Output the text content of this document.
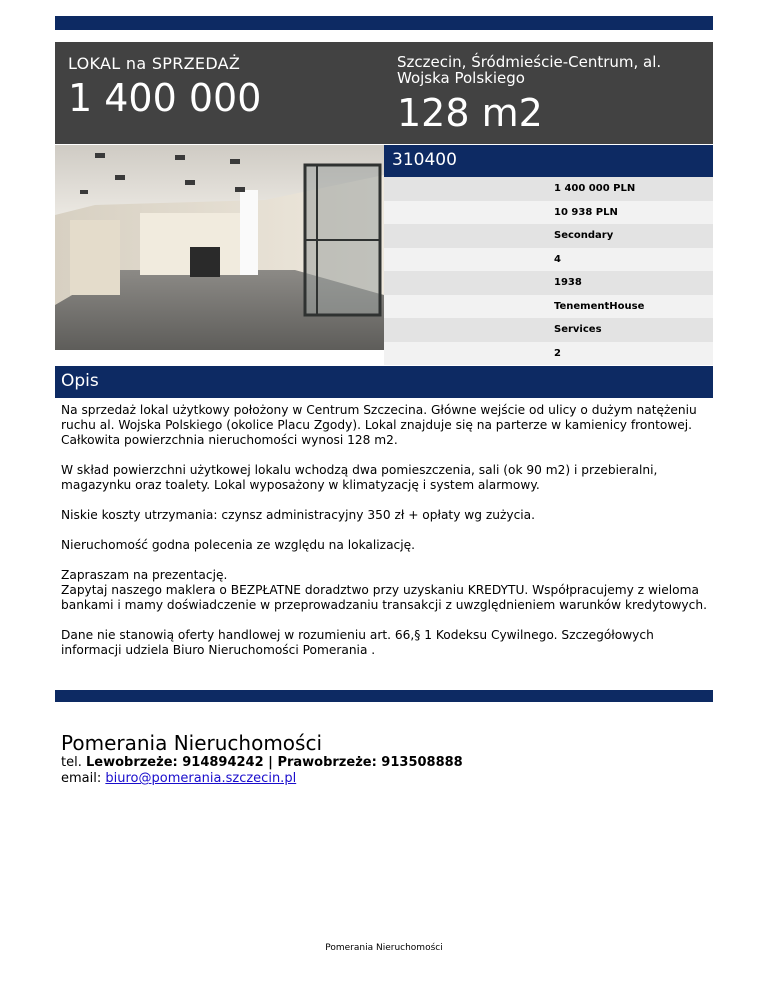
LOKAL na SPRZEDAŻ
1 400 000
Szczecin, Śródmieście-Centrum, al. Wojska Polskiego
128 m2
310400
1 400 000 PLN
10 938 PLN
Secondary
4
1938
TenementHouse
Services
2
Opis

Na sprzedaż lokal użytkowy położony w Centrum Szczecina. Główne wejście od ulicy o dużym natężeniu ruchu al. Wojska Polskiego (okolice Placu Zgody). Lokal znajduje się na parterze w kamienicy frontowej. Całkowita powierzchnia nieruchomości wynosi 128 m2.

W skład powierzchni użytkowej lokalu wchodzą dwa pomieszczenia, sali (ok 90 m2) i przebieralni, magazynku oraz toalety. Lokal wyposażony w klimatyzację i system alarmowy.

Niskie koszty utrzymania: czynsz administracyjny 350 zł + opłaty wg zużycia.

Nieruchomość godna polecenia ze względu na lokalizację.

Zapraszam na prezentację.
Zapytaj naszego maklera o BEZPŁATNE doradztwo przy uzyskaniu KREDYTU. Współpracujemy z wieloma bankami i mamy doświadczenie w przeprowadzaniu transakcji z uwzględnieniem warunków kredytowych.

Dane nie stanowią oferty handlowej w rozumieniu art. 66,§ 1 Kodeksu Cywilnego. Szczegółowych informacji udziela Biuro Nieruchomości Pomerania .

Pomerania Nieruchomości
tel. Lewobrzeże: 914894242 | Prawobrzeże: 913508888
email: biuro@pomerania.szczecin.pl
Pomerania Nieruchomości
